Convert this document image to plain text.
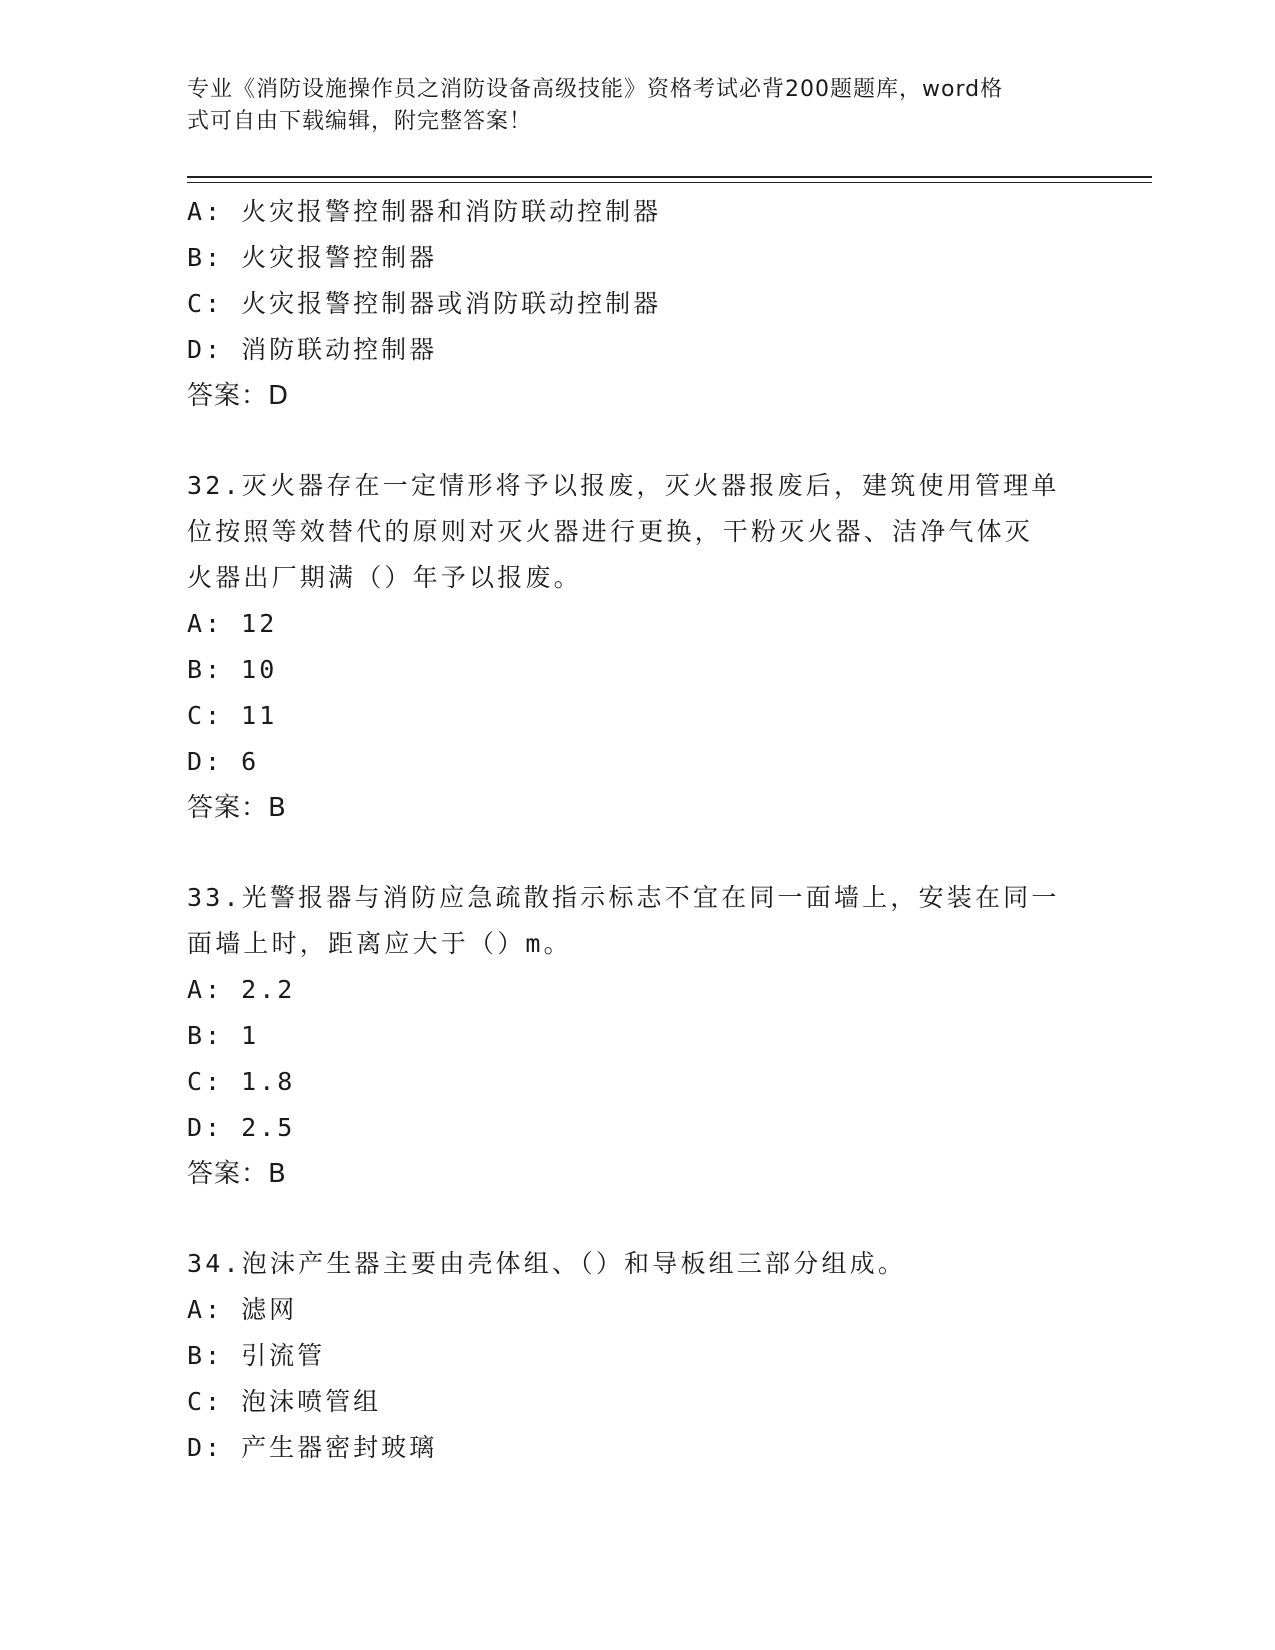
专业《消防设施操作员之消防设备高级技能》资格考试必背200题题库，word格
式可自由下载编辑，附完整答案！
A: 火灾报警控制器和消防联动控制器
B: 火灾报警控制器
C: 火灾报警控制器或消防联动控制器
D: 消防联动控制器
答案：D
32.灭火器存在一定情形将予以报废，灭火器报废后，建筑使用管理单
位按照等效替代的原则对灭火器进行更换，干粉灭火器、洁净气体灭
火器出厂期满（）年予以报废。
A: 12
B: 10
C: 11
D: 6
答案：B
33.光警报器与消防应急疏散指示标志不宜在同一面墙上，安装在同一
面墙上时，距离应大于（）m。
A: 2.2
B: 1
C: 1.8
D: 2.5
答案：B
34.泡沫产生器主要由壳体组、（）和导板组三部分组成。
A: 滤网
B: 引流管
C: 泡沫喷管组
D: 产生器密封玻璃
